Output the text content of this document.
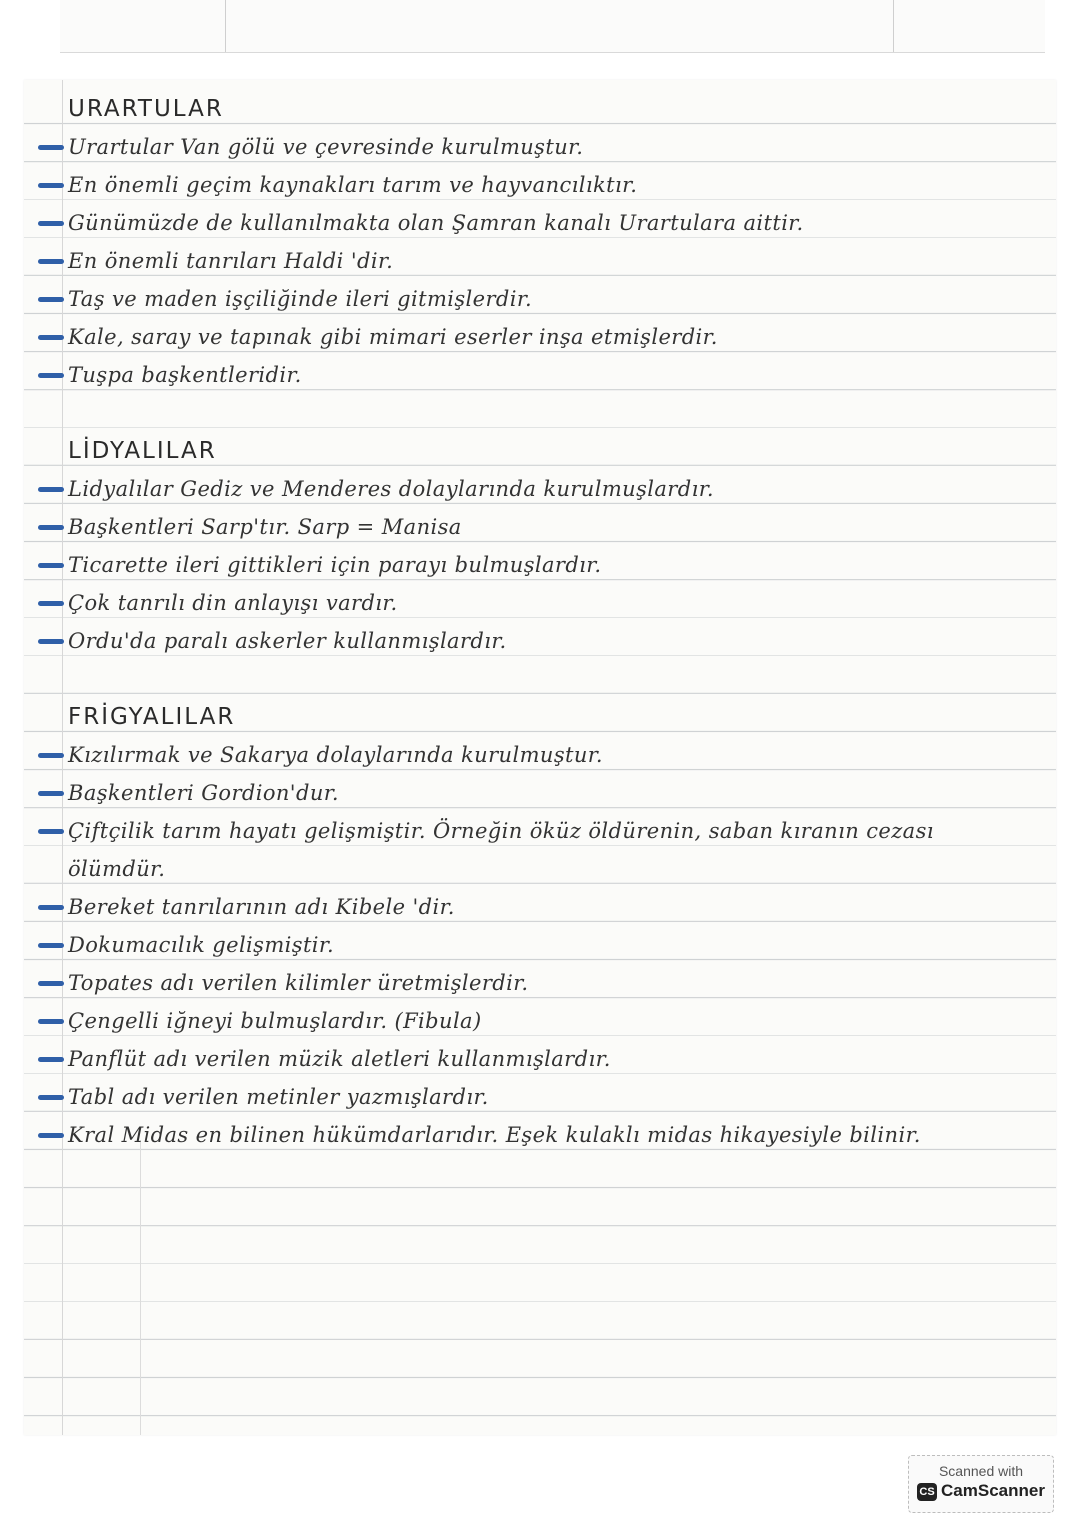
URARTULAR
Urartular Van gölü ve çevresinde kurulmuştur.
En önemli geçim kaynakları tarım ve hayvancılıktır.
Günümüzde de kullanılmakta olan Şamran kanalı Urartulara aittir.
En önemli tanrıları Haldi 'dir.
Taş ve maden işçiliğinde ileri gitmişlerdir.
Kale, saray ve tapınak gibi mimari eserler inşa etmişlerdir.
Tuşpa başkentleridir.
LİDYALILAR
Lidyalılar Gediz ve Menderes dolaylarında kurulmuşlardır.
Başkentleri Sarp'tır. Sarp = Manisa
Ticarette ileri gittikleri için parayı bulmuşlardır.
Çok tanrılı din anlayışı vardır.
Ordu'da paralı askerler kullanmışlardır.
FRİGYALILAR
Kızılırmak ve Sakarya dolaylarında kurulmuştur.
Başkentleri Gordion'dur.
Çiftçilik tarım hayatı gelişmiştir. Örneğin öküz öldürenin, saban kıranın cezası
ölümdür.
Bereket tanrılarının adı Kibele 'dir.
Dokumacılık gelişmiştir.
Topates adı verilen kilimler üretmişlerdir.
Çengelli iğneyi bulmuşlardır. (Fibula)
Panflüt adı verilen müzik aletleri kullanmışlardır.
Tabl adı verilen metinler yazmışlardır.
Kral Midas en bilinen hükümdarlarıdır. Eşek kulaklı midas hikayesiyle bilinir.
Scanned with
CS CamScanner
